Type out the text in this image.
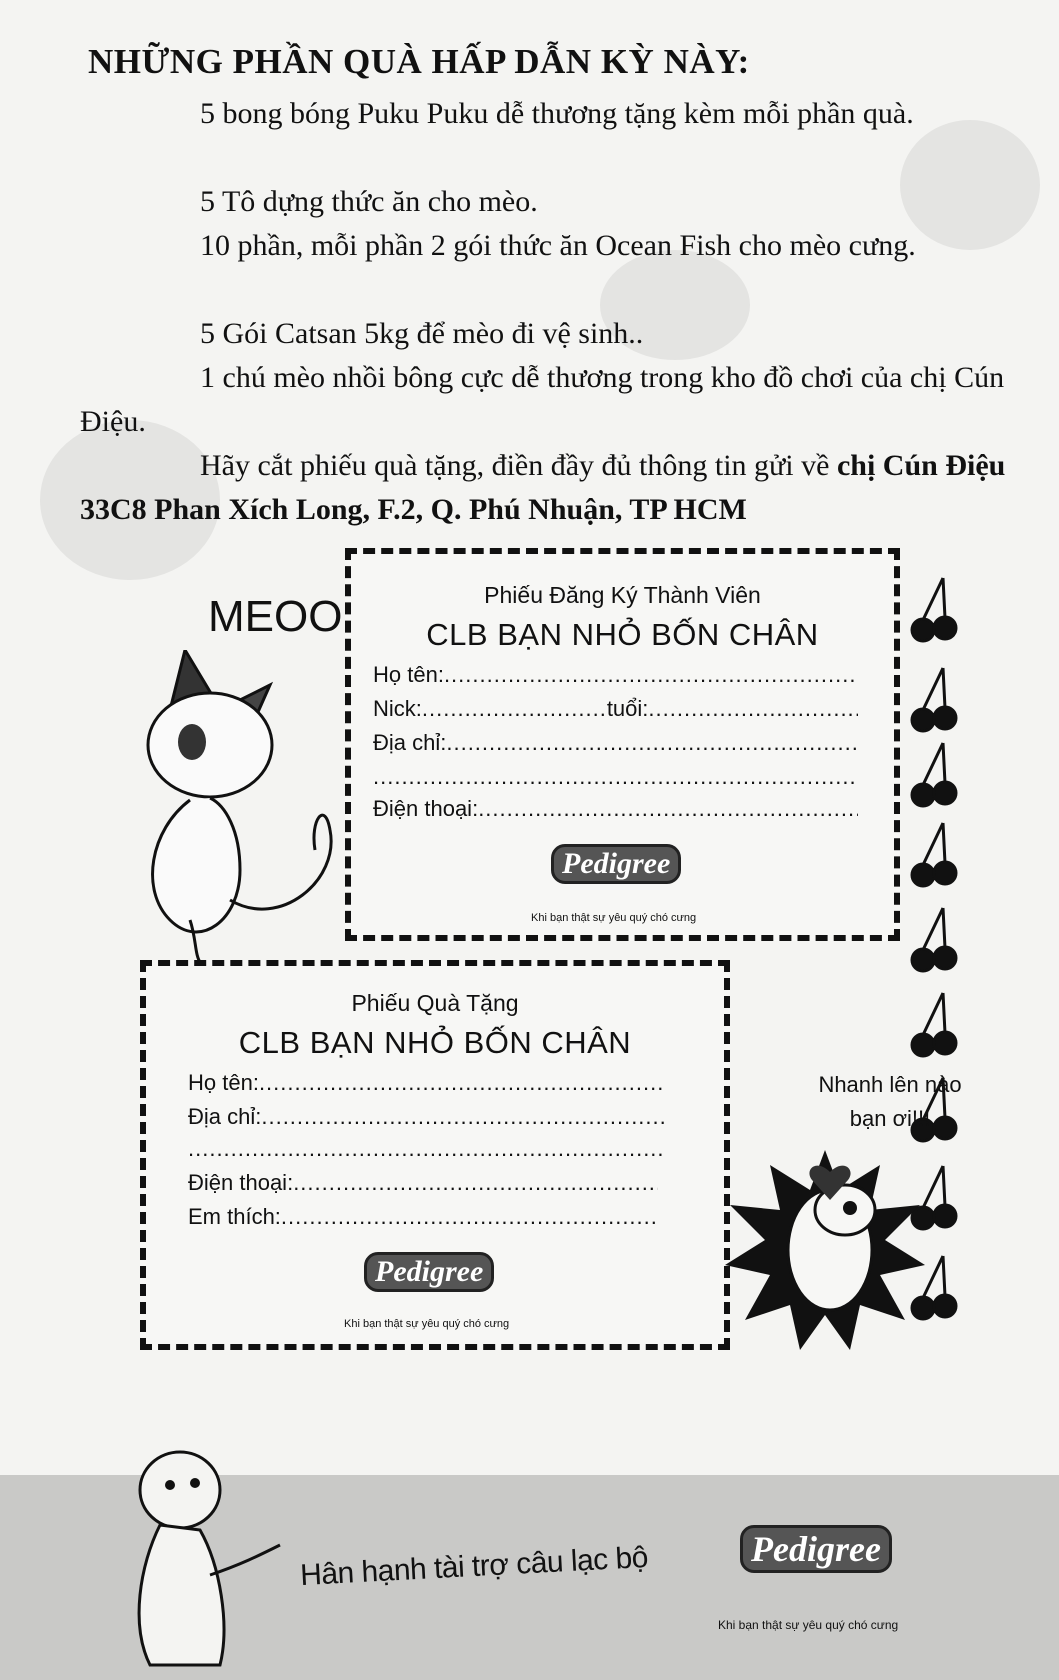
NHỮNG PHẦN QUÀ HẤP DẪN KỲ NÀY:
5 bong bóng Puku Puku dễ thương tặng kèm mỗi phần quà.
5 Tô dựng thức ăn cho mèo.
10 phần, mỗi phần 2 gói thức ăn Ocean Fish cho mèo cưng.
5 Gói Catsan 5kg để mèo đi vệ sinh..
1 chú mèo nhồi bông cực dễ thương trong kho đồ chơi của chị Cún Điệu.
Hãy cắt phiếu quà tặng, điền đầy đủ thông tin gửi về chị Cún Điệu 33C8 Phan Xích Long, F.2, Q. Phú Nhuận, TP HCM
MEOO	Phiếu Đăng Ký Thành Viên
CLB BẠN NHỎ BỐN CHÂN
Họ tên: .....
Nick:..........................tuổi: .....
Địa chỉ: .....
.....
Điện thoại: .....
Pedigree
Khi bạn thật sự yêu quý chó cưng
Phiếu Quà Tặng
CLB BẠN NHỎ BỐN CHÂN
Họ tên: .....
Địa chỉ: .....
.....
Điện thoại: .....
Em thích: .....
Pedigree
Khi bạn thật sự yêu quý chó cưng
Nhanh lên nào
bạn ơi!!!
Hân hạnh tài trợ câu lạc bộ	Pedigree
Khi bạn thật sự yêu quý chó cưng
